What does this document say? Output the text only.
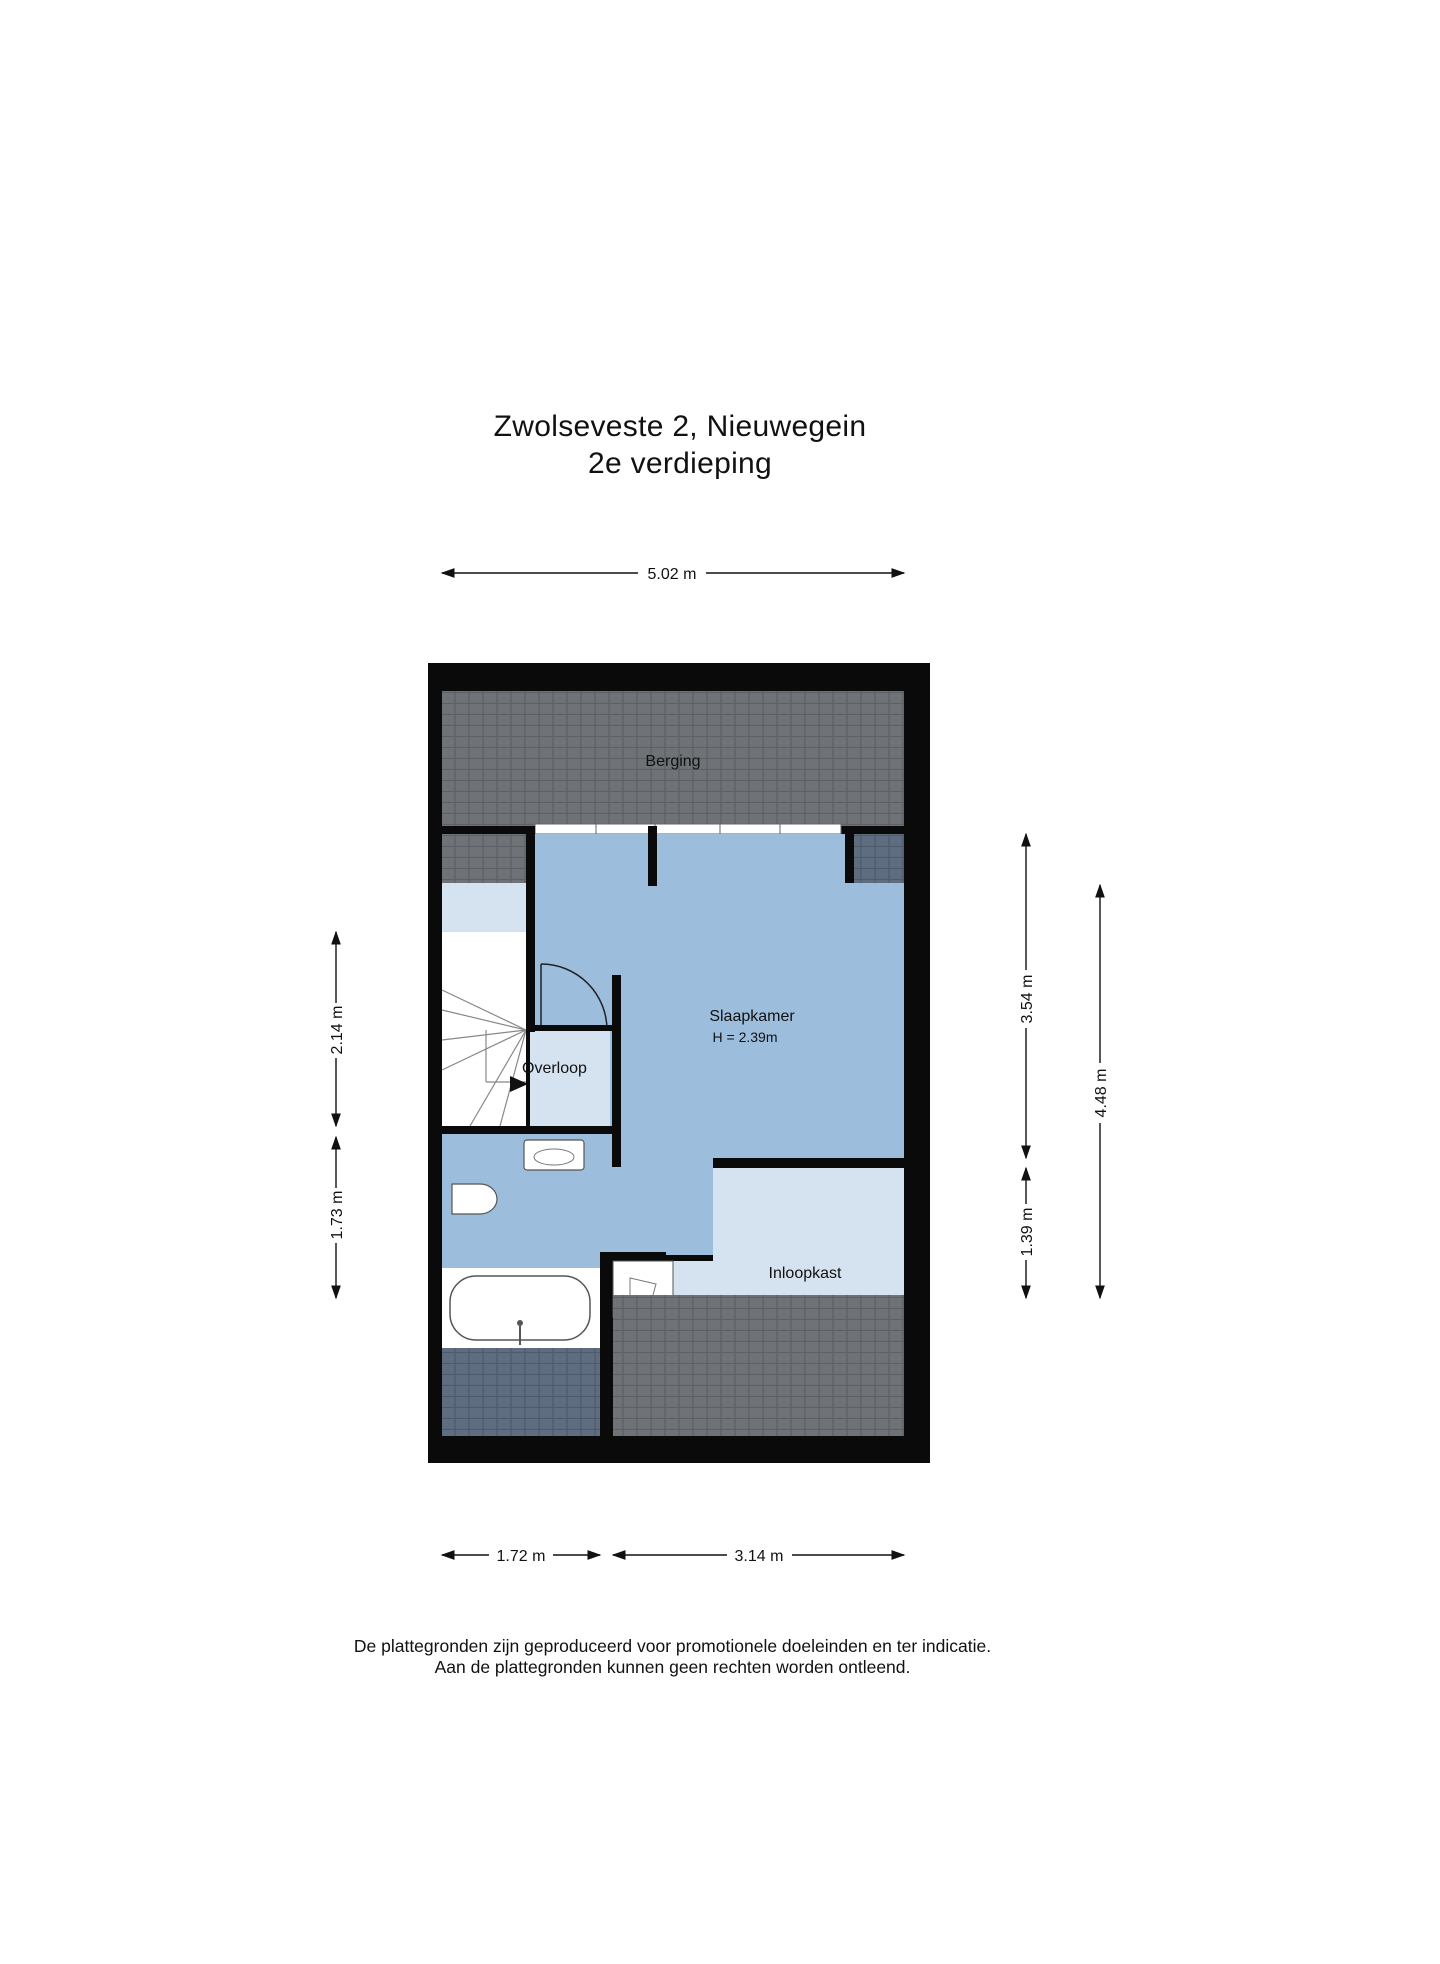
Zwolseveste 2, Nieuwegein
2e verdieping
Berging
Overloop
Inloopkast
Slaapkamer
H = 2.39m
5.02 m
1.72 m	3.14 m
2.14 m
1.73 m
3.54 m
1.39 m
4.48 m
De plattegronden zijn geproduceerd voor promotionele doeleinden en ter indicatie.
Aan de plattegronden kunnen geen rechten worden ontleend.
